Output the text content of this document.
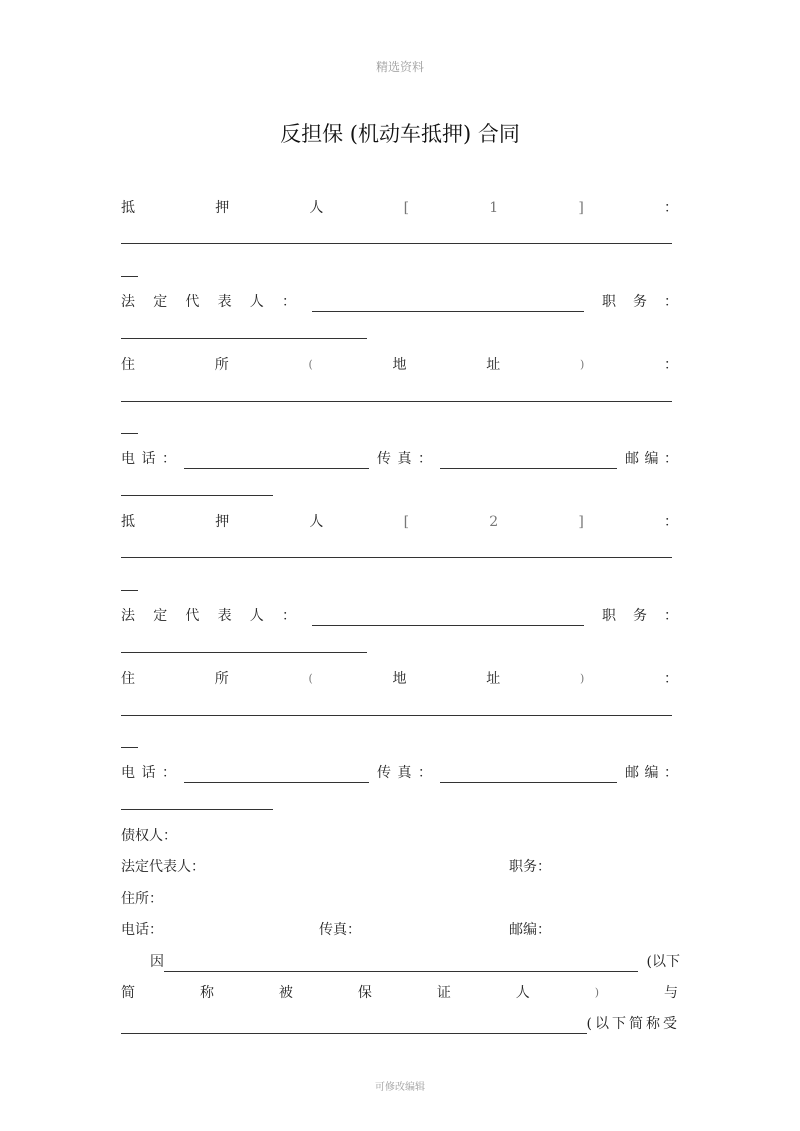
精选资料
反担保 (机动车抵押) 合同
抵	押	人	[	1	]	：
法 定 代 表 人 ：	职 务 ：
住	所	(	地	址	)	：
电 话 ：	传 真 ：	邮 编 ：
抵	押	人	[	2	]	：
法 定 代 表 人 ：	职 务 ：
住	所	(	地	址	)	：
电 话 ：	传 真 ：	邮 编 ：
债权人：
法定代表人：	职务：
住所：
电话：	传真：	邮编：
因	(以下
简	称	被	保	证	人	)	与
(以下简称受
可修改编辑
